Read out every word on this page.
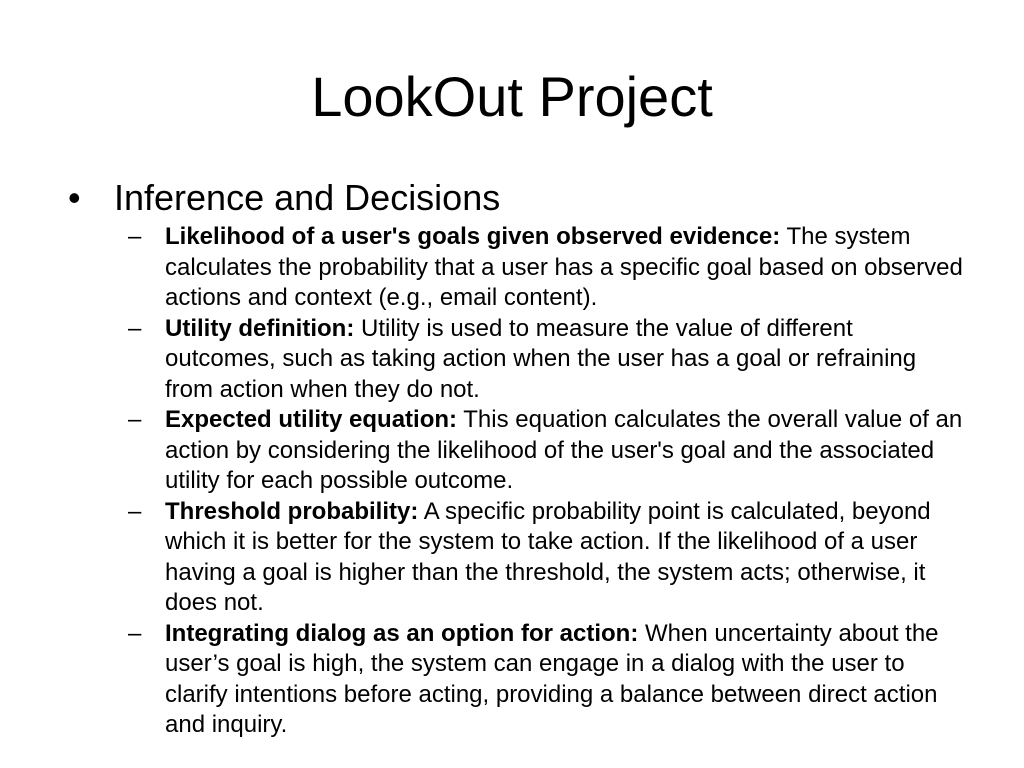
LookOut Project
• Inference and Decisions
– Likelihood of a user's goals given observed evidence: The system calculates the probability that a user has a specific goal based on observed actions and context (e.g., email content).
– Utility definition: Utility is used to measure the value of different outcomes, such as taking action when the user has a goal or refraining from action when they do not.
– Expected utility equation: This equation calculates the overall value of an action by considering the likelihood of the user's goal and the associated utility for each possible outcome.
– Threshold probability: A specific probability point is calculated, beyond which it is better for the system to take action. If the likelihood of a user having a goal is higher than the threshold, the system acts; otherwise, it does not.
– Integrating dialog as an option for action: When uncertainty about the user’s goal is high, the system can engage in a dialog with the user to clarify intentions before acting, providing a balance between direct action and inquiry.
